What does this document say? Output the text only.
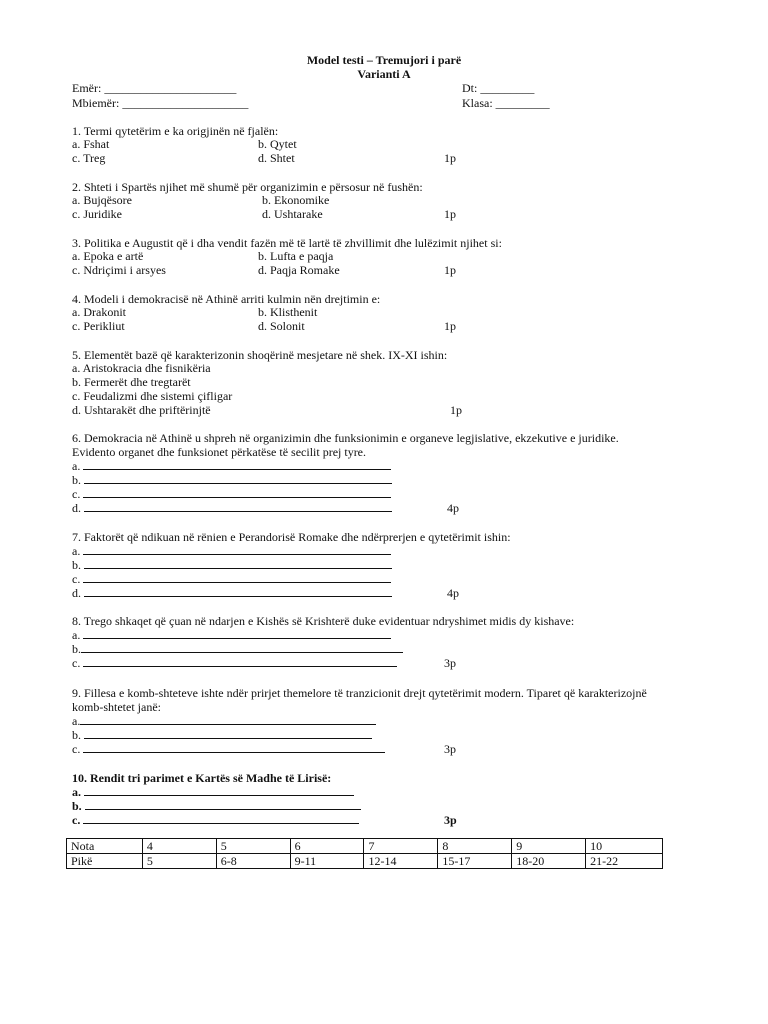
Model testi – Tremujori i parë
Varianti A
Emër: ______________________	Dt: _________
Mbiemër: _____________________	Klasa: _________
1. Termi qytetërim e ka origjinën në fjalën:
a. Fshat	b. Qytet
c. Treg	d. Shtet	1p
2. Shteti i Spartës njihet më shumë për organizimin e përsosur në fushën:
a. Bujqësore	b. Ekonomike
c. Juridike	d. Ushtarake	1p
3. Politika e Augustit që i dha vendit fazën më të lartë të zhvillimit dhe lulëzimit njihet si:
a. Epoka e artë	b. Lufta e paqja
c. Ndriçimi i arsyes	d. Paqja Romake	1p
4. Modeli i demokracisë në Athinë arriti kulmin nën drejtimin e:
a. Drakonit	b. Klisthenit
c. Perikliut	d. Solonit	1p
5. Elementët bazë që karakterizonin shoqërinë mesjetare në shek. IX-XI ishin:
a. Aristokracia dhe fisnikëria
b. Fermerët dhe tregtarët
c. Feudalizmi dhe sistemi çifligar
d. Ushtarakët dhe priftërinjtë	1p
6. Demokracia në Athinë u shpreh në organizimin dhe funksionimin e organeve legjislative, ekzekutive e juridike.
Evidento organet dhe funksionet përkatëse të secilit prej tyre.
a.
b.
c.
d.	4p
7. Faktorët që ndikuan në rënien e Perandorisë Romake dhe ndërprerjen e qytetërimit ishin:
a.
b.
c.
d.	4p
8. Trego shkaqet që çuan në ndarjen e Kishës së Krishterë duke evidentuar ndryshimet midis dy kishave:
a.
b.
c.	3p
9. Fillesa e komb-shteteve ishte ndër prirjet themelore të tranzicionit drejt qytetërimit modern. Tiparet që karakterizojnë
komb-shtetet janë:
a.
b.
c.	3p
10. Rendit tri parimet e Kartës së Madhe të Lirisë:
a.
b.
c.	3p
Nota	4	5	6	7	8	9	10
Pikë	5	6-8	9-11	12-14	15-17	18-20	21-22
